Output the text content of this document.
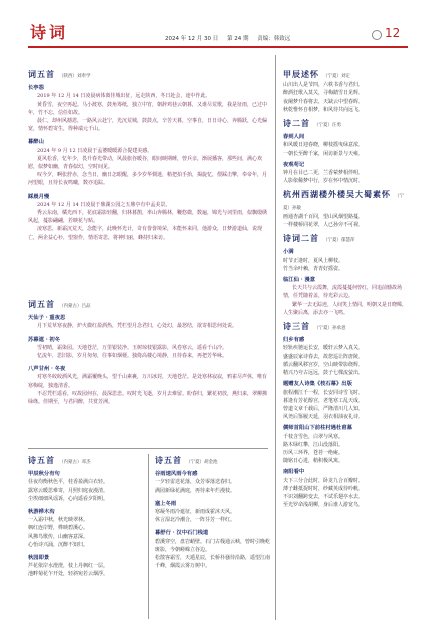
诗词	2024 年 12 月 30 日 第 24 期 责编：韩致远	12
词五首 （陕西）刘奉学
长亭怨
2019 年 12 月 14 日凌晨病体离佳城出征，远走陕西，冬日赴会，途中作此。
黄昏雪，夜空再起。马小渡寒，鼓角筹纸，独立中宵，朝辞鸡巷云朝暮，又谁尽荒歌，我是征雨，已过中年，竹不忘，信任如故。
晨仁，却州风撼恩，一路风云赴宁，光沉荒城，鼓鼓点，辛苦天暮，空事自，日日诗心，奔腾跃，心光偏宽，情怀碧寄生，得种端元千山。
暮醉山
2024 年 9 月 12 日凌晨于孟婆暖暖源合提建美感。
夏风松香，忆年少，畏升春光带动，风晨旅谷暖谷，眼间映期睡，曾兵亲，渐展播客，那些间，满心欢慰，似梦如幽，青春似幻，空时间见。
叹今夕，啊张舒赤，念当日，幽日怎眼醒，多少岁华惆迷，稍把拍手抬，揭旋忆，偎踩击擎，奉帝年，月河望眼，且待长夜鸣曦，数亦追踪。
踩晨月慢
2024 年 12 月 14 日凌晨于鼎湖公园之五鼎亭有中孟美景。
秀云东南，橘光西下，花底霜影轻翻，归林暮鹊，率山奔腾林，鞭悠微，数遍，锦光与词里雨，似飘缎绣风起，蔓影翩翩，若映花与贴。
凌寒思，新霜沉荒天，念能字，此晚怀光计，奇有誊誊境荣，本能怀来同，他游众，日梦游道仙，说现亡，两企益心衫，望窗作，情语寄思，将神归丽，蜂持归来访。
词五首 （内蒙古）吕品
天仙子 · 重夜思
月下荒草寒夜静，炉火微红盈酒热，凭栏望月念君归，心处幻，最怒结，欲寄相思何处说。
苏幕遮 · 初冬
雪初晴，霜染园。天地苍茫，万里银装净。玉树琼枝银露影，风卷寒云，遥看千山冷。
忆流年，思旧影，岁月匆匆，往事如烟梗。独倚高楼心境静，且待春来，再把芳华咏。
八声甘州 · 冬夜
对寒冬皎皎洒风光，满霜覆晚头，望千山素裹，万川冰封，天地苍茫。是处寒林寂寂，鸦雀尽声休，唯有寒梅绽，独逸清香。
不忍凭栏遥看，叹故园何在，晨深思悲。叹时光飞逝，岁月去难留。盼春归，繁花初放，燕归来，翠柳拂绿绦。佳期至，与君同醉，共赏芳洲。
诗五首 （内蒙古）邓杰
甲辰秋分有句
昼夜均衡秋色平，桂香盈满白衣轻。
露寒云暖思难寄，月照归庭夜漫清。
尘埃细细风谣诉，心向遥看夕阳明。
秋游桦木沟
一入霜中秋，秋光映翠林。
枫红连岸野，桦映碧溪心。
风拂鸟歌传，山幽客意深。
心怡诗兴涌，沉醉不知归。
秋园即景
芦花依岸水澄澄，枝上丹枫红一层。
池畔菊花乍开处，轻斜宛若云烟浮。
诗五首 （宁夏）胡金池
谷雨速风雨今有感
一夕轻雷送花落，众芳零落送春归。
满园新绿花满庭，再待来年烂漫枝。
塞上冬雨
寒凝冬雨冷遮征，新雨成霍沐天风。
休言湿北冷潮合，一阵芬芳一样红。
暮舒行 · 汉中石门栈道
碧溪穿空，盘岩峭壁。石门古栈通云峡，曾时引晚屹斑影，今朝嵯嵘立谷边。
松散客霜雪，天遁星辰，长桥朴骚待沿路，遥望江南千峰，烟霞云雾万树中。
甲辰述怀 （宁夏）刘定
山川出人是节四，六秩书香与君归。
醉酒狂歌入莫关，寻梅踏雪日见辉。
夜阑梦升春将去，天缺云中望春晖。
秋乾惟怀自相梦，和风待共向远飞。
诗二首 （宁夏）汪勇
春到人间
和风暖日迎春晓，柳枝摇曳绿意浓。
一朝长至醉千家，闲访新景与天雍。
夜观苟记
钟月在目已二更，兰香萦梦相伴明。
人影依稀梦中行，岁在怀中情沉时。
杭州西湖楼外楼吴大蜀素怀 （宁夏）孙敏
画通杏湖千百回，望山风烟望路蔓。
一样楼桥同花翠，人已孙旁不可视。
诗词二首 （宁夏）郁慧萍
小满
时节正逢时，夏风上柳枝。
竹当余叶赖，青青好摇姿。
临江仙 · 漫意
长天共与云霞舞，流霞蔓蔓何曾红，同追前憾故场情，任凭随着盖，待光彩云边。
繁华一去无踪迹，人间笑上情同，明朝又是日晓晞，人生聚后离，添去亦一飞鸣。
诗三首 （宁夏）孙承意
归乡有感
轻轨疾驰运长安，暖轩云梦入真关。
盛盛辰家诗春去，故您巡让阵唐陵。
循云翻风移宫岁，空山映带影绕辉。
精兴乃夸古远远，鼓子七棵流萤出。
题赠友人诗集《枝石幕》出版
旅程潮江千一程，长安同诗雪飞时。
暮逢有芳花醇宫，老笔寒工乱天成。
曾道文章千载后，严隆清川几人知。
风尧后鉴履天延，羽衣相油夜礼诗。
儒师首阳山下前柱村遇杜甫墓
千枝含雪色，白翠与风寒。
路木绿红攀，江山没落阳。
历风三环界，苍苔一绝庵。
随铭日心进，稍积极风寓。
南阳看中
夫下三分合此时，卧龙九合百瓣时。
薄子雌抵捉时时，纱藏英成待吟帆。
不识刘翻跨变去，不试乐翅亭水去。
至光罗命浅胡柳，身后谁人游宽鸟。
